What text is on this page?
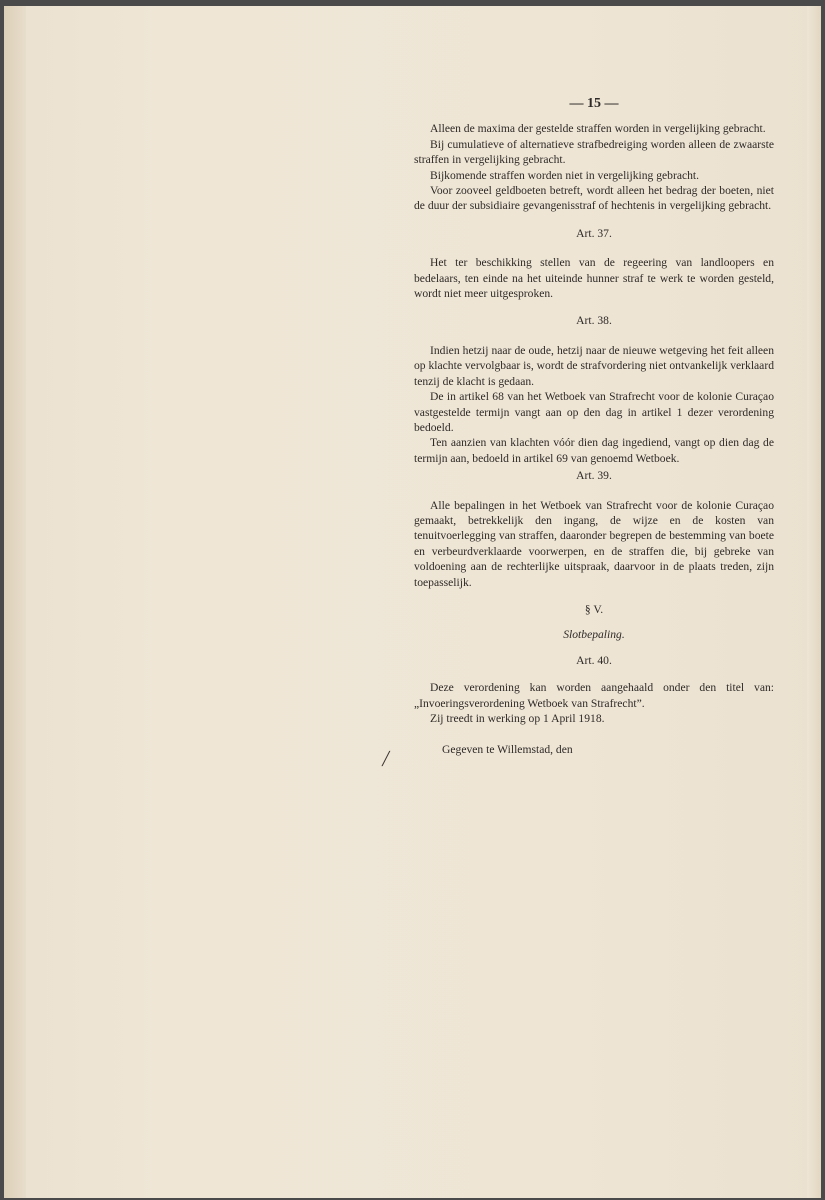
— 15 —

Alleen de maxima der gestelde straffen worden in vergelijking gebracht.

Bij cumulatieve of alternatieve strafbedreiging worden alleen de zwaarste straffen in vergelijking gebracht.

Bijkomende straffen worden niet in vergelijking gebracht.

Voor zooveel geldboeten betreft, wordt alleen het bedrag der boeten, niet de duur der subsidiaire gevangenisstraf of hechtenis in vergelijking gebracht.

Art. 37.

Het ter beschikking stellen van de regeering van landloopers en bedelaars, ten einde na het uiteinde hunner straf te werk te worden gesteld, wordt niet meer uitgesproken.

Art. 38.

Indien hetzij naar de oude, hetzij naar de nieuwe wetgeving het feit alleen op klachte vervolgbaar is, wordt de strafvordering niet ontvankelijk verklaard tenzij de klacht is gedaan.

De in artikel 68 van het Wetboek van Strafrecht voor de kolonie Curaçao vastgestelde termijn vangt aan op den dag in artikel 1 dezer verordening bedoeld.

Ten aanzien van klachten vóór dien dag ingediend, vangt op dien dag de termijn aan, bedoeld in artikel 69 van genoemd Wetboek.

Art. 39.

Alle bepalingen in het Wetboek van Strafrecht voor de kolonie Curaçao gemaakt, betrekkelijk den ingang, de wijze en de kosten van tenuitvoerlegging van straffen, daaronder begrepen de bestemming van boete en verbeurdverklaarde voorwerpen, en de straffen die, bij gebreke van voldoening aan de rechterlijke uitspraak, daarvoor in de plaats treden, zijn toepasselijk.

§ V.

Slotbepaling.

Art. 40.

Deze verordening kan worden aangehaald onder den titel van: „Invoeringsverordening Wetboek van Strafrecht”.

Zij treedt in werking op 1 April 1918.

Gegeven te Willemstad, den

╱
